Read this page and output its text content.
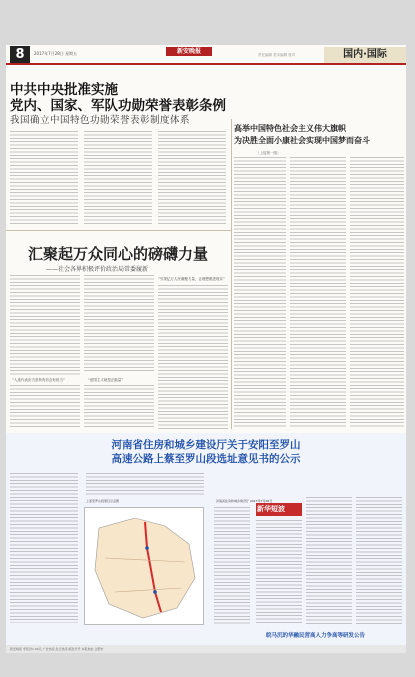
8	2017年7月28日 星期五	新安晚报	责任编辑 美术编辑 校对	国内·国际
中共中央批准实施
党内、国家、军队功勋荣誉表彰条例
我国确立中国特色功勋荣誉表彰制度体系
高举中国特色社会主义伟大旗帜
为决胜全面小康社会实现中国梦而奋斗
（上接第一版）
汇聚起万众同心的磅礴力量
——社会各界积极评价政治局常委履新
“入选代表应当坚持有信念有担当”	“爱国主义就是正能量”
“引领亿万人民凝聚力量，让理想照进现实”
河南省住房和城乡建设厅关于安阳至罗山
高速公路上蔡至罗山段选址意见书的公示
上蔡至罗山段项目示意图	河南省住房和城乡建设厅 2017年7月28日
新华短波
皖马沉的华融民营高人力争高等研发公告
新安晚报 零售价1.00元 广告热线 发行热线 邮发代号 本报地址 合肥市
